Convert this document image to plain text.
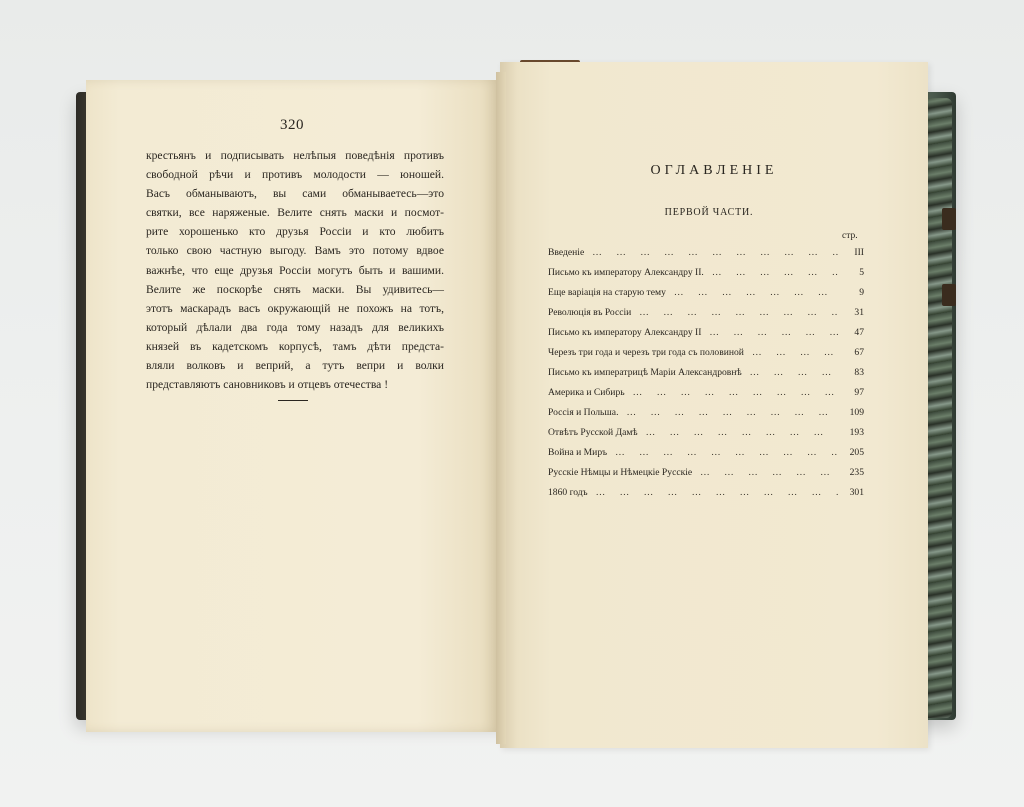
320
крестьянъ и подписывать нелѣпыя поведѣнія противъ
свободной рѣчи и противъ молодости — юношей.
Васъ обманываютъ, вы сами обманываетесь—это
святки, все наряженые. Велите снять маски и посмот-
рите хорошенько кто друзья Россіи и кто любитъ
только свою частную выгоду. Вамъ это потому вдвое
важнѣе, что еще друзья Россіи могутъ быть и вашими.
Велите же поскорѣе снять маски. Вы удивитесь—
этотъ маскарадъ васъ окружающій не похожъ на тотъ,
который дѣлали два года тому назадъ для великихъ
князей въ кадетскомъ корпусѣ, тамъ дѣти предста-
вляли волковъ и веприй, а тутъ вепри и волки
представляютъ сановниковъ и отцевъ отечества !
ОГЛАВЛЕНІЕ
ПЕРВОЙ ЧАСТИ.
стр.
Введеніе … … … … … … … … … … … … … … … … … … … …	III
Письмо къ императору Александру II. … … … … … … … … … … … … … … … … … … … …	5
Еще варіація на старую тему … … … … … … … … … … … … … … … … … … … …	9
Революція въ Россіи … … … … … … … … … … … … … … … … … … … …	31
Письмо къ императору Александру II … … … … … … … … … … … … … … … … … … … …	47
Черезъ три года и черезъ три года съ половиной … … … … … … … … … … … … … … … … … … … …	67
Письмо къ императрицѣ Маріи Александровнѣ … … … … … … … … … … … … … … … … … … … …	83
Америка и Сибирь … … … … … … … … … … … … … … … … … … … …	97
Россія и Польша. … … … … … … … … … … … … … … … … … … … …	109
Отвѣтъ Русской Дамѣ … … … … … … … … … … … … … … … … … … … …	193
Война и Миръ … … … … … … … … … … … … … … … … … … … …	205
Русскіе Нѣмцы и Нѣмецкіе Русскіе … … … … … … … … … … … … … … … … … … … …	235
1860 годъ … … … … … … … … … … … … … … … … … … … …	301
